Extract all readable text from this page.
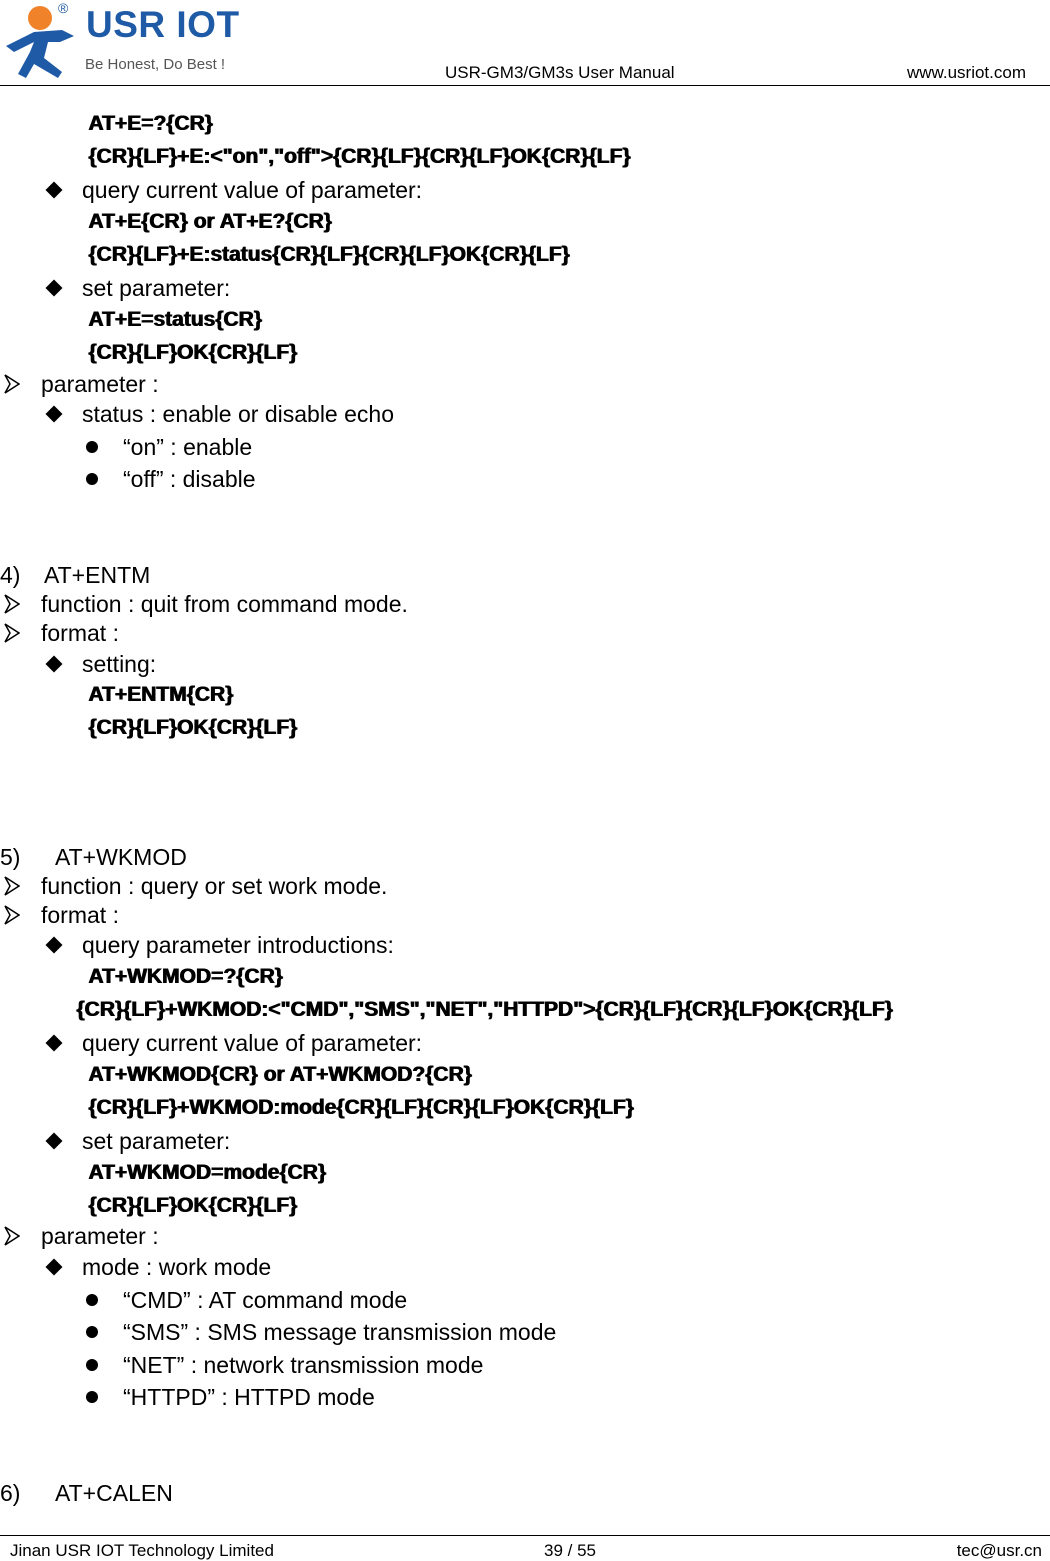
® USR IOT
Be Honest, Do Best !	USR-GM3/GM3s User Manual	www.usriot.com
AT+E=?{CR}
{CR}{LF}+E:<"on","off">{CR}{LF}{CR}{LF}OK{CR}{LF}
query current value of parameter:
AT+E{CR} or AT+E?{CR}
{CR}{LF}+E:status{CR}{LF}{CR}{LF}OK{CR}{LF}
set parameter:
AT+E=status{CR}
{CR}{LF}OK{CR}{LF}
parameter :
status : enable or disable echo
“on” : enable
“off” : disable
4) AT+ENTM
function : quit from command mode.
format :
setting:
AT+ENTM{CR}
{CR}{LF}OK{CR}{LF}
5) AT+WKMOD
function : query or set work mode.
format :
query parameter introductions:
AT+WKMOD=?{CR}
{CR}{LF}+WKMOD:<"CMD","SMS","NET","HTTPD">{CR}{LF}{CR}{LF}OK{CR}{LF}
query current value of parameter:
AT+WKMOD{CR} or AT+WKMOD?{CR}
{CR}{LF}+WKMOD:mode{CR}{LF}{CR}{LF}OK{CR}{LF}
set parameter:
AT+WKMOD=mode{CR}
{CR}{LF}OK{CR}{LF}
parameter :
mode : work mode
“CMD” : AT command mode
“SMS” : SMS message transmission mode
“NET” : network transmission mode
“HTTPD” : HTTPD mode
6) AT+CALEN
Jinan USR IOT Technology Limited	39 / 55	tec@usr.cn
